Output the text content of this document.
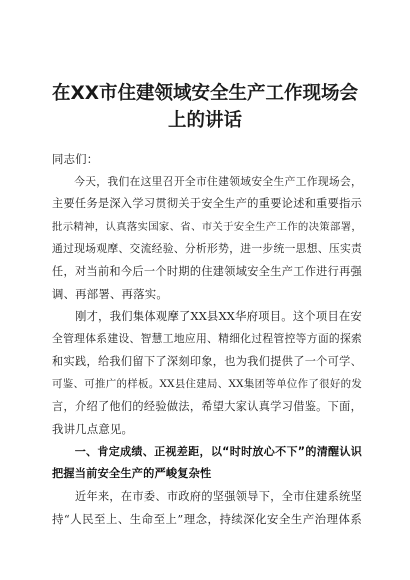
在XX市住建领域安全生产工作现场会
上的讲话
同志们：
　　今天，我们在这里召开全市住建领域安全生产工作现场会，
主要任务是深入学习贯彻关于安全生产的重要论述和重要指示
批示精神，认真落实国家、省、市关于安全生产工作的决策部署，
通过现场观摩、交流经验、分析形势，进一步统一思想、压实责
任，对当前和今后一个时期的住建领域安全生产工作进行再强
调、再部署、再落实。
　　刚才，我们集体观摩了XX县XX华府项目。这个项目在安
全管理体系建设、智慧工地应用、精细化过程管控等方面的探索
和实践，给我们留下了深刻印象，也为我们提供了一个可学、
可鉴、可推广的样板。XX县住建局、XX集团等单位作了很好的发
言，介绍了他们的经验做法，希望大家认真学习借鉴。下面，
我讲几点意见。
　　一、肯定成绩、正视差距，以“时时放心不下”的清醒认识
把握当前安全生产的严峻复杂性
　　近年来，在市委、市政府的坚强领导下，全市住建系统坚
持“人民至上、生命至上”理念，持续深化安全生产治理体系
